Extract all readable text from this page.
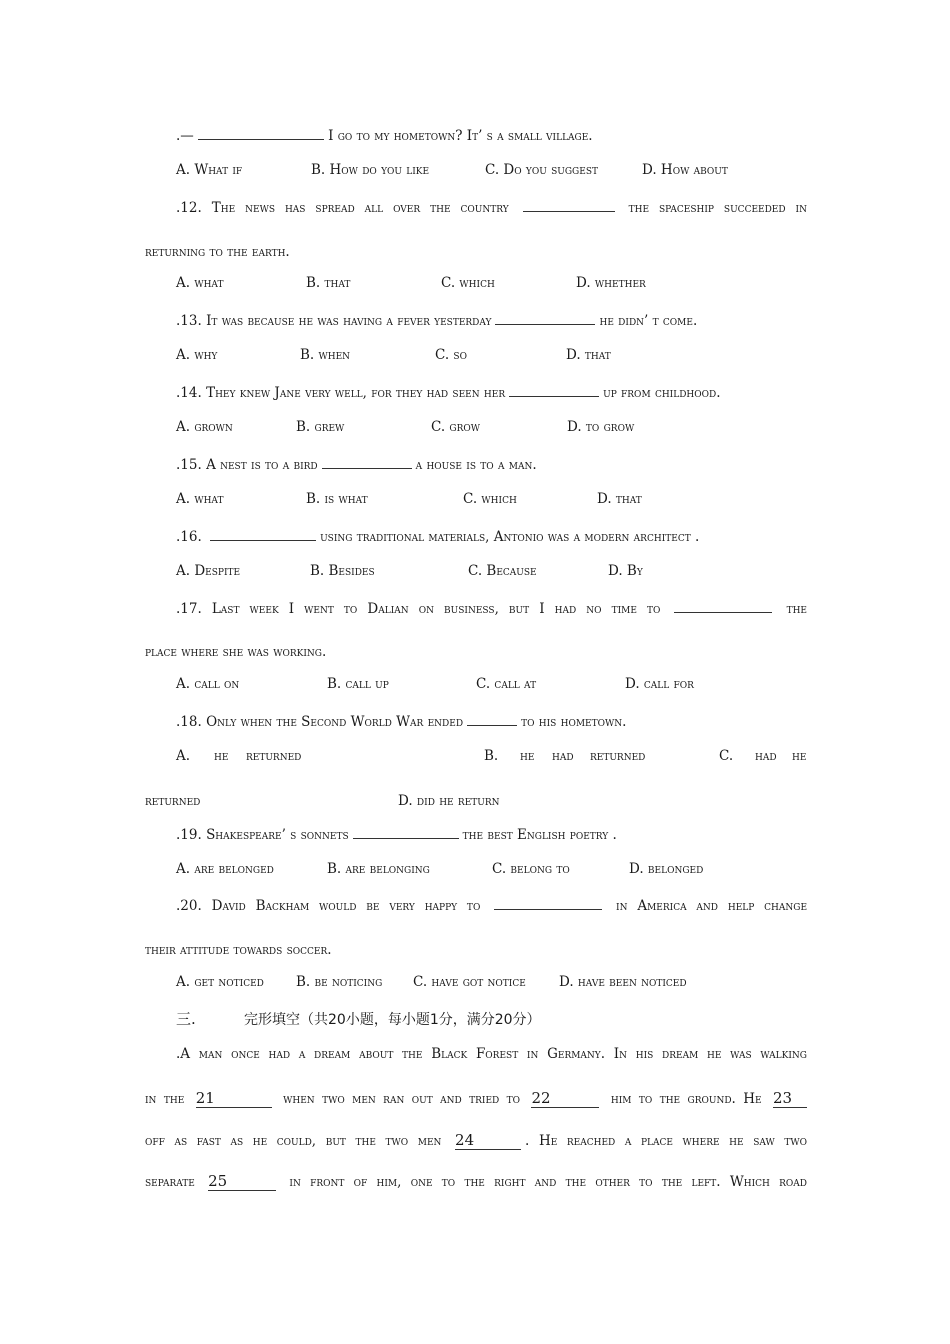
.—	I go to my hometown? It’ s a small village.
A. What if	B. How do you like	C. Do you suggest	D. How about
.12. The news has spread all over the country	the spaceship succeeded in
returning to the earth.
A. what	B. that	C. which	D. whether
.13. It was because he was having a fever yesterday	he didn’ t come.
A. why	B. when	C. so	D. that
.14. They knew Jane very well, for they had seen her	up from childhood.
A. grown	B. grew	C. grow	D. to grow
.15. A nest is to a bird	a house is to a man.
A. what	B. is what	C. which	D. that
.16.	using traditional materials, Antonio was a modern architect .
A. Despite	B. Besides	C. Because	D. By
.17. Last week I went to Dalian on business, but I had no time to	the
place where she was working.
A. call on	B. call up	C. call at	D. call for
.18. Only when the Second World War ended	to his hometown.
A. he returned	B. he had returned	C. had he
returned	D. did he return
.19. Shakespeare’ s sonnets	the best English poetry .
A. are belonged	B. are belonging	C. belong to	D. belonged
.20. David Backham would be very happy to	in America and help change
their attitude towards soccer.
A. get noticed	B. be noticing	C. have got notice	D. have been noticed
三.	完形填空（共20小题，每小题1分，满分20分）
.A man once had a dream about the Black Forest in Germany. In his dream he was walking
in the 21	when two men ran out and tried to 22	him to the ground. He 23
off as fast as he could, but the two men 24	. He reached a place where he saw two
separate 25	in front of him, one to the right and the other to the left. Which road
